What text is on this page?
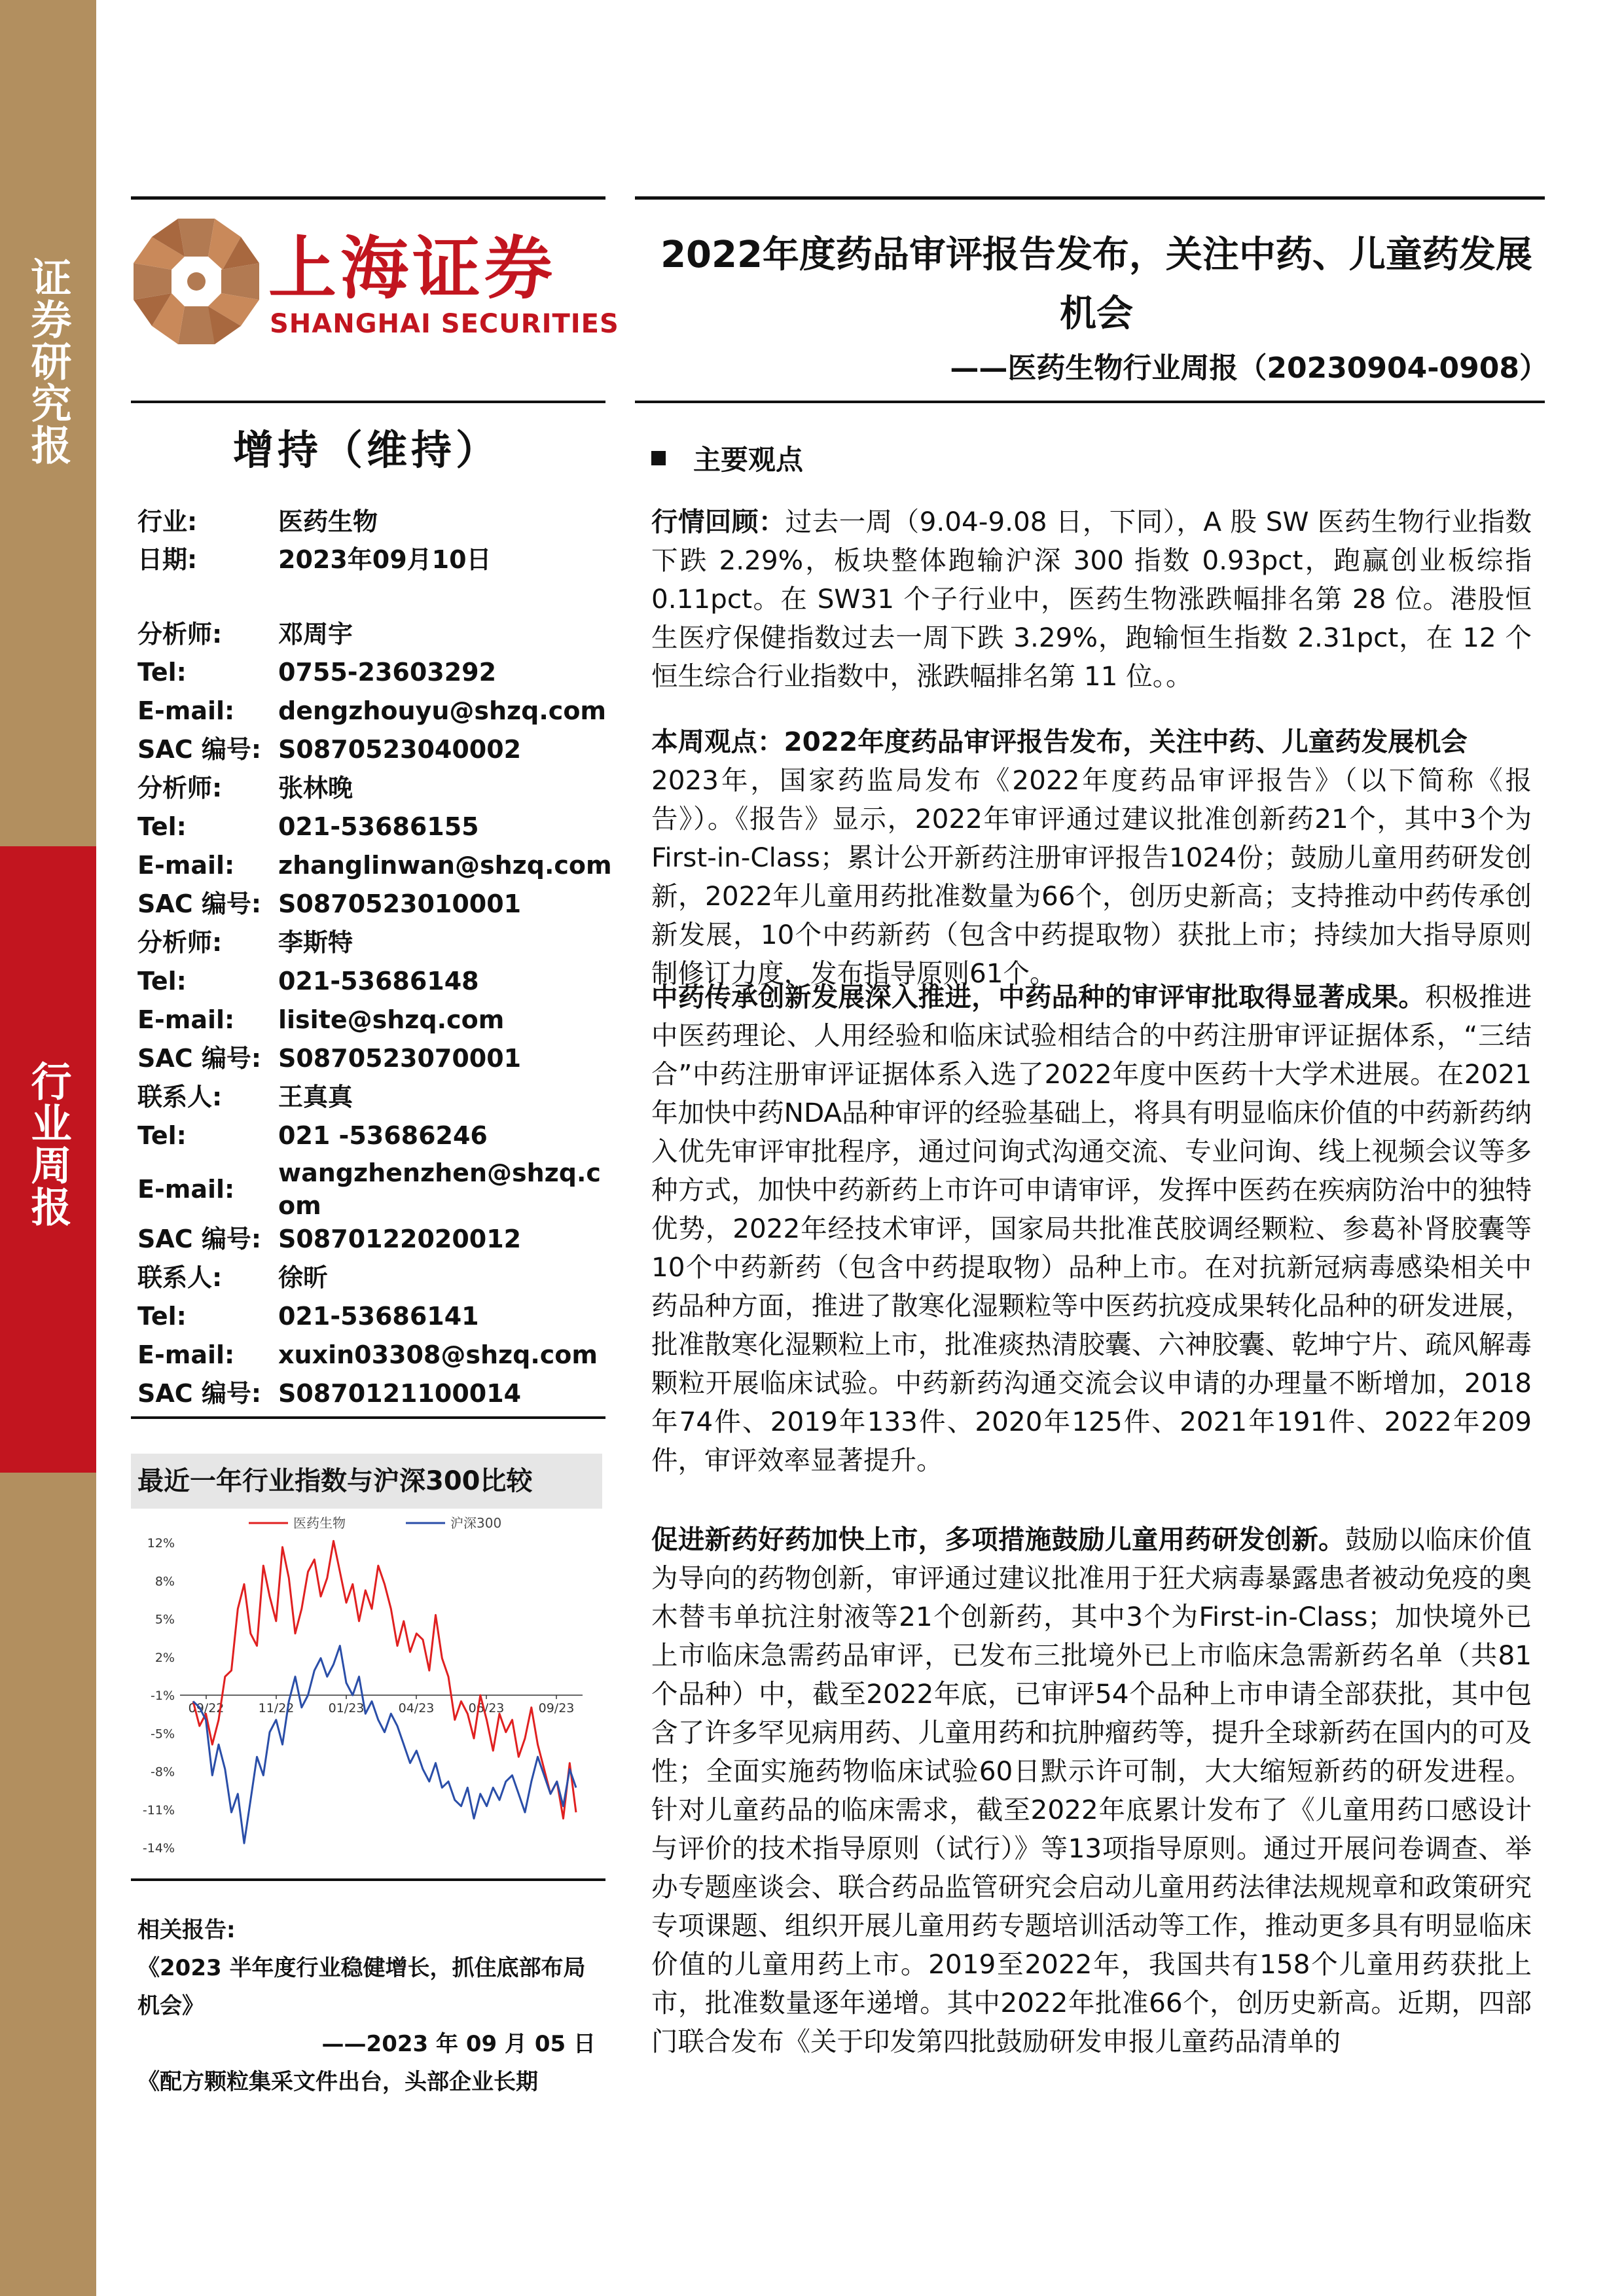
证券研究报
行业周报
上海证券
SHANGHAI SECURITIES
2022年度药品审评报告发布，关注中药、儿童药发展机会
——医药生物行业周报（20230904-0908）
增持（维持）
行业:	医药生物
日期:	2023年09月10日
分析师: 邓周宇
Tel:	0755-23603292
E-mail: dengzhouyu@shzq.com
SAC 编号: S0870523040002
分析师: 张林晚
Tel:	021-53686155
E-mail: zhanglinwan@shzq.com
SAC 编号: S0870523010001
分析师: 李斯特
Tel:	021-53686148
E-mail: lisite@shzq.com
SAC 编号: S0870523070001
联系人: 王真真
Tel:	021 -53686246
E-mail:
wangzhenzhen@shzq.com
SAC 编号: S0870122020012
联系人: 徐昕
Tel:	021-53686141
E-mail: xuxin03308@shzq.com
SAC 编号: S0870121100014
最近一年行业指数与沪深300比较
医药生物	沪深300
12%
8%
5%
2%
-1%
-5%
-8%
-11%
-14%
09/22	11/22	01/23	04/23	06/23	09/23
相关报告:
《2023 半年度行业稳健增长，抓住底部布局机会》
——2023 年 09 月 05 日
《配方颗粒集采文件出台，头部企业长期
主要观点
行情回顾：过去一周（9.04-9.08 日，下同），A 股 SW 医药生物行业指数下跌 2.29%，板块整体跑输沪深 300 指数 0.93pct，跑赢创业板综指 0.11pct。在 SW31 个子行业中，医药生物涨跌幅排名第 28 位。港股恒生医疗保健指数过去一周下跌 3.29%，跑输恒生指数 2.31pct，在 12 个恒生综合行业指数中，涨跌幅排名第 11 位。。
本周观点：2022年度药品审评报告发布，关注中药、儿童药发展机会
2023年，国家药监局发布《2022年度药品审评报告》（以下简称《报告》）。《报告》显示，2022年审评通过建议批准创新药21个，其中3个为First-in-Class；累计公开新药注册审评报告1024份；鼓励儿童用药研发创新，2022年儿童用药批准数量为66个，创历史新高；支持推动中药传承创新发展，10个中药新药（包含中药提取物）获批上市；持续加大指导原则制修订力度，发布指导原则61个。
中药传承创新发展深入推进，中药品种的审评审批取得显著成果。积极推进中医药理论、人用经验和临床试验相结合的中药注册审评证据体系，“三结合”中药注册审评证据体系入选了2022年度中医药十大学术进展。在2021年加快中药NDA品种审评的经验基础上，将具有明显临床价值的中药新药纳入优先审评审批程序，通过问询式沟通交流、专业问询、线上视频会议等多种方式，加快中药新药上市许可申请审评，发挥中医药在疾病防治中的独特优势，2022年经技术审评，国家局共批准芪胶调经颗粒、参葛补肾胶囊等10个中药新药（包含中药提取物）品种上市。在对抗新冠病毒感染相关中药品种方面，推进了散寒化湿颗粒等中医药抗疫成果转化品种的研发进展，批准散寒化湿颗粒上市，批准痰热清胶囊、六神胶囊、乾坤宁片、疏风解毒颗粒开展临床试验。中药新药沟通交流会议申请的办理量不断增加，2018年74件、2019年133件、2020年125件、2021年191件、2022年209件，审评效率显著提升。
促进新药好药加快上市，多项措施鼓励儿童用药研发创新。鼓励以临床价值为导向的药物创新，审评通过建议批准用于狂犬病毒暴露患者被动免疫的奥木替韦单抗注射液等21个创新药，其中3个为First-in-Class；加快境外已上市临床急需药品审评，已发布三批境外已上市临床急需新药名单（共81个品种）中，截至2022年底，已审评54个品种上市申请全部获批，其中包含了许多罕见病用药、儿童用药和抗肿瘤药等，提升全球新药在国内的可及性；全面实施药物临床试验60日默示许可制，大大缩短新药的研发进程。针对儿童药品的临床需求，截至2022年底累计发布了《儿童用药口感设计与评价的技术指导原则（试行）》等13项指导原则。通过开展问卷调查、举办专题座谈会、联合药品监管研究会启动儿童用药法律法规规章和政策研究专项课题、组织开展儿童用药专题培训活动等工作，推动更多具有明显临床价值的儿童用药上市。2019至2022年，我国共有158个儿童用药获批上市，批准数量逐年递增。其中2022年批准66个，创历史新高。近期，四部门联合发布《关于印发第四批鼓励研发申报儿童药品清单的
